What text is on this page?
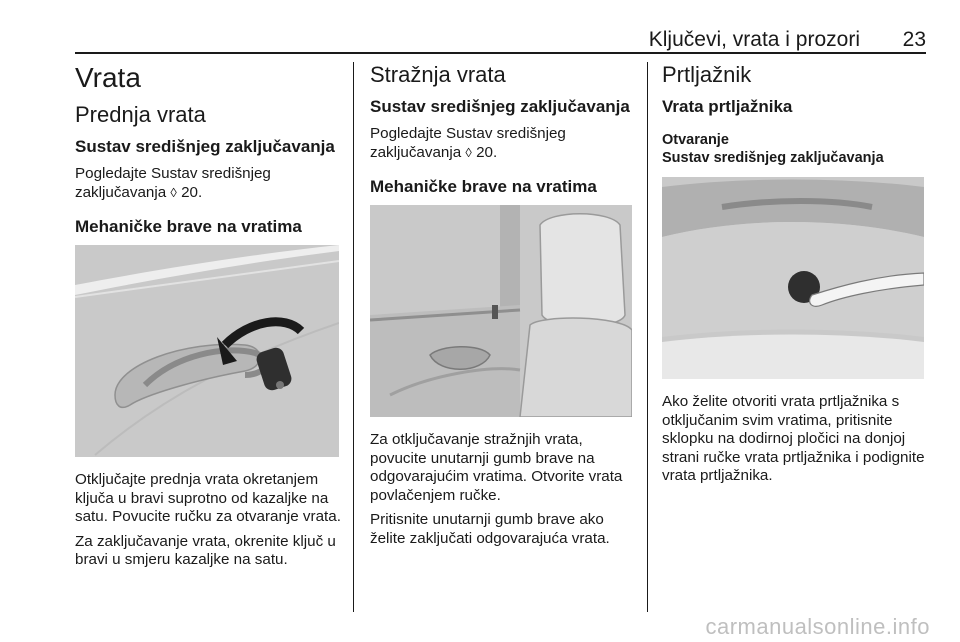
Ključevi, vrata i prozori	23
Vrata
Prednja vrata
Sustav središnjeg zaključavanja

Pogledajte Sustav središnjeg zaključavanja ◊ 20.

Mehaničke brave na vratima

Otključajte prednja vrata okretanjem ključa u bravi suprotno od kazaljke na satu. Povucite ručku za otvaranje vrata.

Za zaključavanje vrata, okrenite ključ u bravi u smjeru kazaljke na satu.

Stražnja vrata
Sustav središnjeg zaključavanja

Pogledajte Sustav središnjeg zaključavanja ◊ 20.

Mehaničke brave na vratima

Za otključavanje stražnjih vrata, povucite unutarnji gumb brave na odgovarajućim vratima. Otvorite vrata povlačenjem ručke.

Pritisnite unutarnji gumb brave ako želite zaključati odgovarajuća vrata.

Prtljažnik
Vrata prtljažnika
Otvaranje
Sustav središnjeg zaključavanja

Ako želite otvoriti vrata prtljažnika s otključanim svim vratima, pritisnite sklopku na dodirnoj pločici na donjoj strani ručke vrata prtljažnika i podignite vrata prtljažnika.

carmanualsonline.info
